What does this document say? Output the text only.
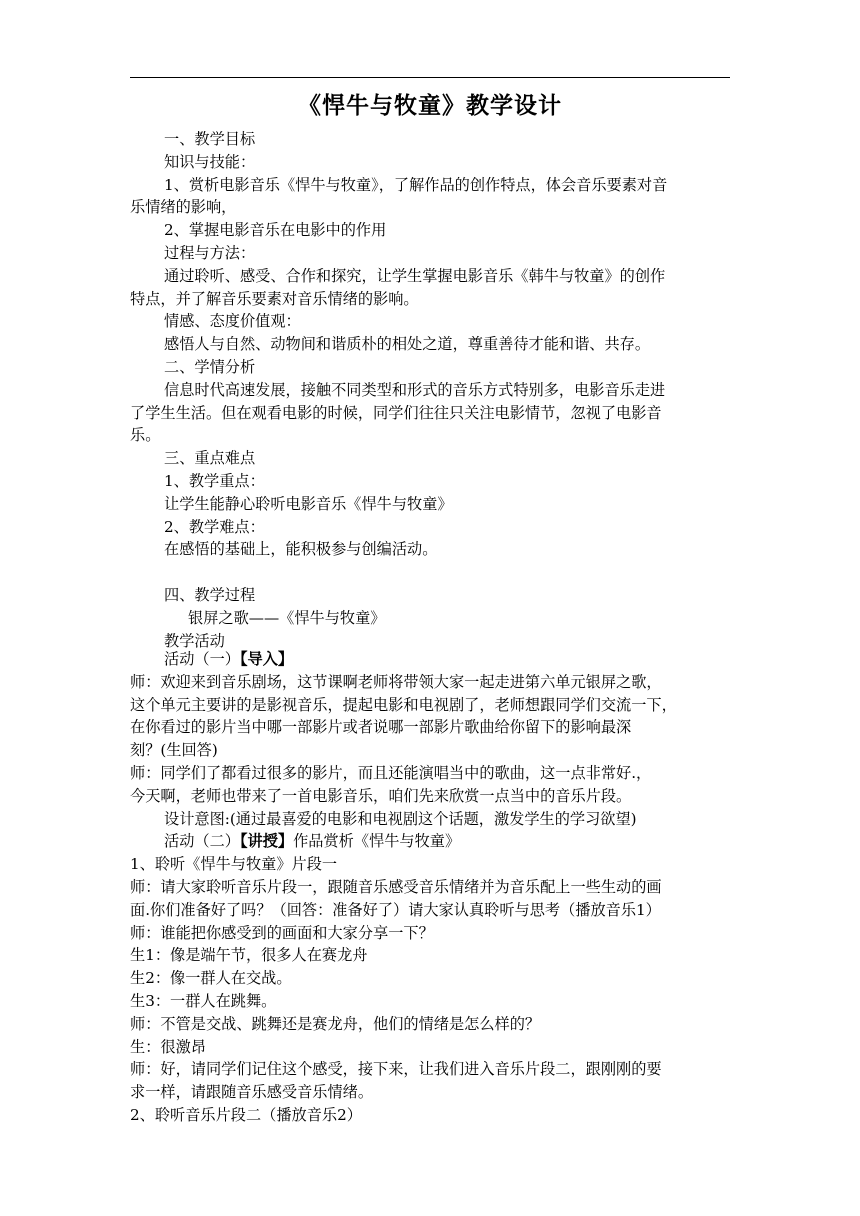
《悍牛与牧童》教学设计

一、教学目标

知识与技能：

1、赏析电影音乐《悍牛与牧童》，了解作品的创作特点，体会音乐要素对音

乐情绪的影响，

2、掌握电影音乐在电影中的作用

过程与方法：

通过聆听、感受、合作和探究，让学生掌握电影音乐《韩牛与牧童》的创作

特点，并了解音乐要素对音乐情绪的影响。

情感、态度价值观：

感悟人与自然、动物间和谐质朴的相处之道，尊重善待才能和谐、共存。

二、学情分析

信息时代高速发展，接触不同类型和形式的音乐方式特别多，电影音乐走进

了学生生活。但在观看电影的时候，同学们往往只关注电影情节，忽视了电影音

乐。

三、重点难点

1、教学重点：

让学生能静心聆听电影音乐《悍牛与牧童》

2、教学难点：

在感悟的基础上，能积极参与创编活动。

四、教学过程

银屏之歌——《悍牛与牧童》

教学活动

活动（一）【导入】

师：欢迎来到音乐剧场，这节课啊老师将带领大家一起走进第六单元银屏之歌，

这个单元主要讲的是影视音乐，提起电影和电视剧了，老师想跟同学们交流一下，

在你看过的影片当中哪一部影片或者说哪一部影片歌曲给你留下的影响最深

刻？(生回答)

师：同学们了都看过很多的影片，而且还能演唱当中的歌曲，这一点非常好.，

今天啊，老师也带来了一首电影音乐，咱们先来欣赏一点当中的音乐片段。

设计意图:(通过最喜爱的电影和电视剧这个话题，激发学生的学习欲望)

活动（二）【讲授】作品赏析《悍牛与牧童》

1、聆听《悍牛与牧童》片段一

师：请大家聆听音乐片段一，跟随音乐感受音乐情绪并为音乐配上一些生动的画

面.你们准备好了吗？（回答：准备好了）请大家认真聆听与思考（播放音乐1）

师：谁能把你感受到的画面和大家分享一下？

生1：像是端午节，很多人在赛龙舟

生2：像一群人在交战。

生3：一群人在跳舞。

师：不管是交战、跳舞还是赛龙舟，他们的情绪是怎么样的？

生：很激昂

师：好，请同学们记住这个感受，接下来，让我们进入音乐片段二，跟刚刚的要

求一样，请跟随音乐感受音乐情绪。

2、聆听音乐片段二（播放音乐2）
